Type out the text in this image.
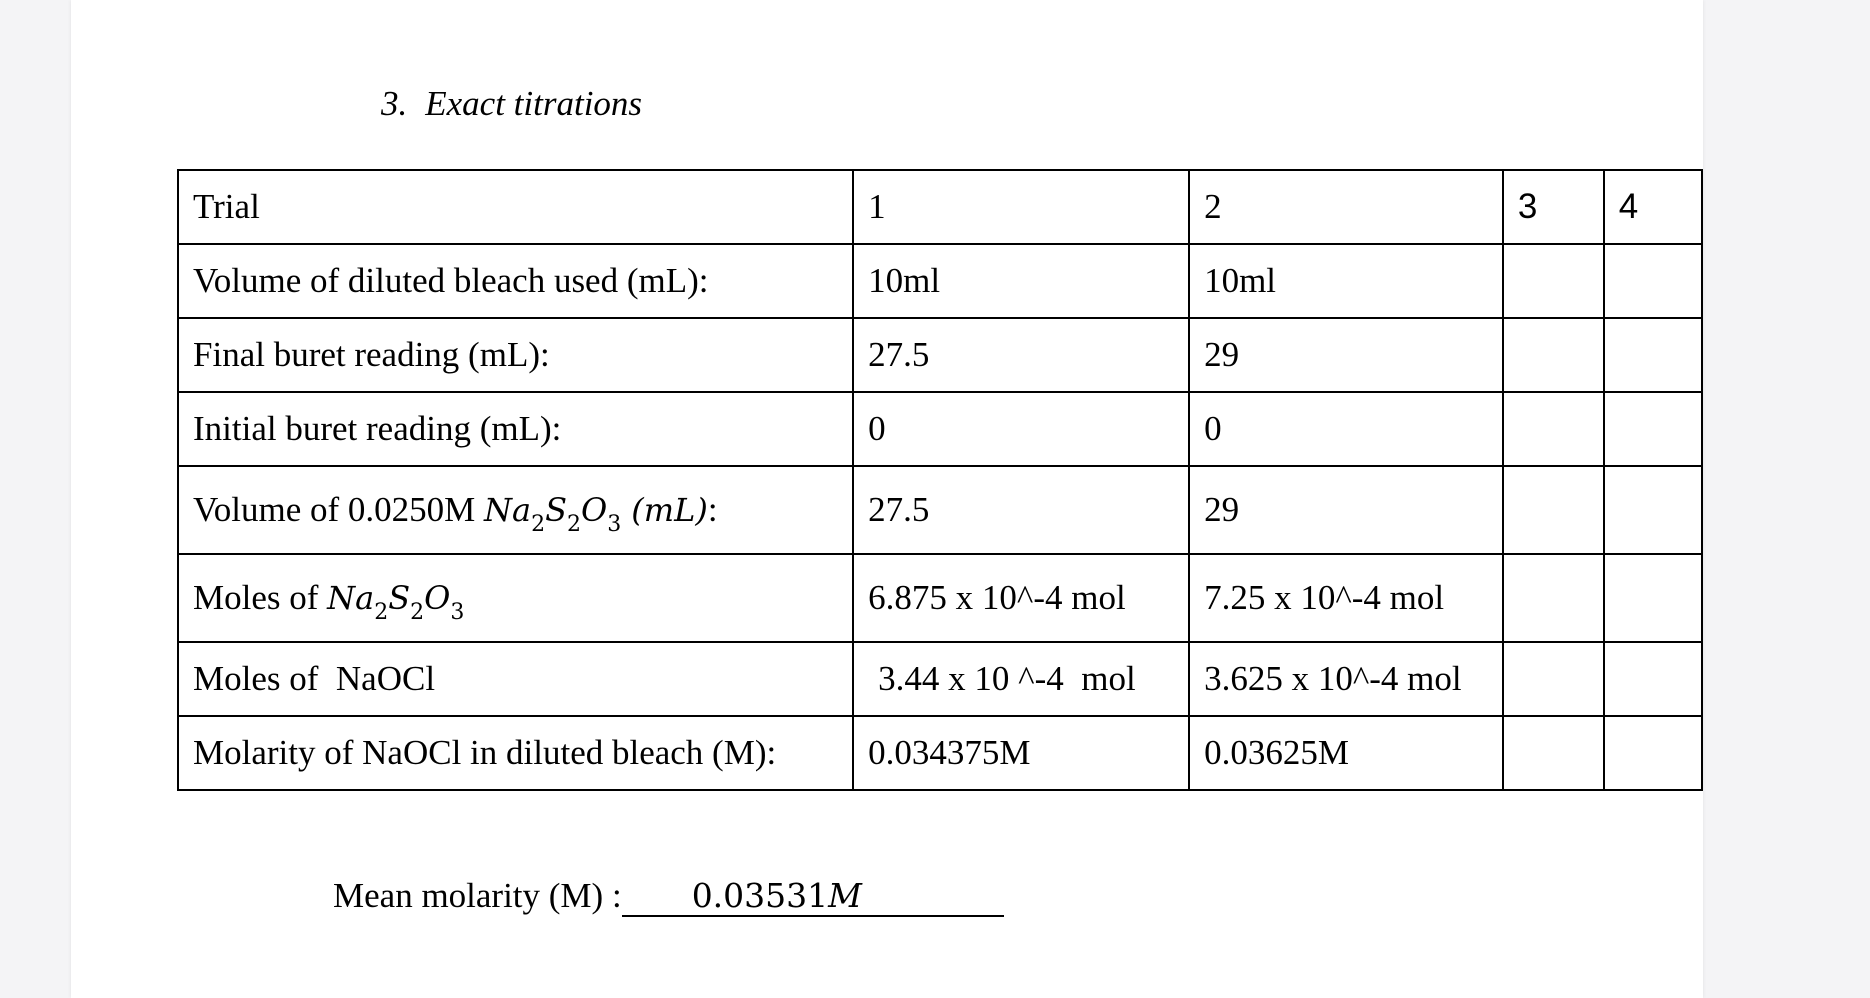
3. Exact titrations
Trial	1	2	3	4
Volume of diluted bleach used (mL):	10ml	10ml		
Final buret reading (mL):	27.5	29		
Initial buret reading (mL):	0	0		
Volume of 0.0250M $Na_2S_2O_3$ (mL):	27.5	29		
Moles of $Na_2S_2O_3$	6.875 x 10^-4 mol	7.25 x 10^-4 mol		
Moles of  NaOCl	3.44 x 10 ^-4  mol	3.625 x 10^-4 mol		
Molarity of NaOCl in diluted bleach (M):	0.034375M	0.03625M		
Mean molarity (M) : 0.03531M
